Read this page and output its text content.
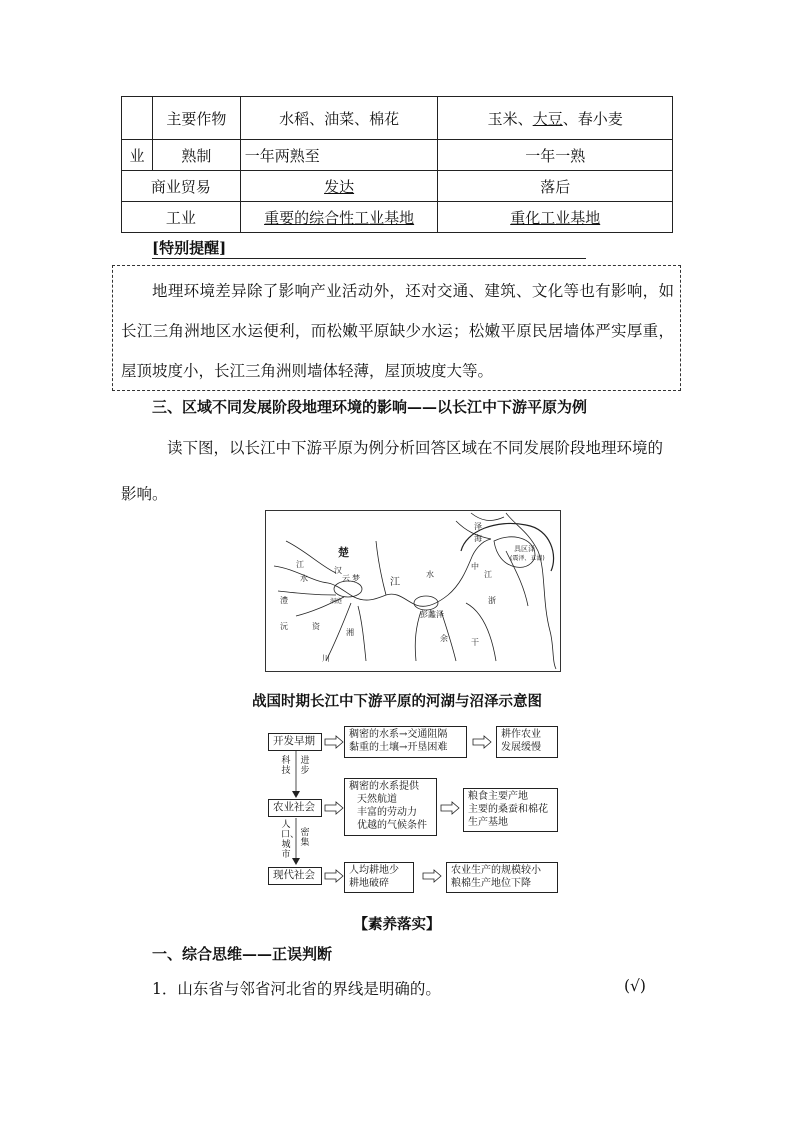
	主要作物	水稻、油菜、棉花	玉米、大豆、春小麦
业	熟制	一年两熟至	一年一熟
商业贸易		发达	落后
工业		重要的综合性工业基地	重化工业基地
[特别提醒]
地理环境差异除了影响产业活动外，还对交通、建筑、文化等也有影响，如长江三角洲地区水运便利，而松嫩平原缺少水运；松嫩平原民居墙体严实厚重，屋顶坡度小，长江三角洲则墙体轻薄，屋顶坡度大等。
三、区域不同发展阶段地理环境的影响——以长江中下游平原为例
读下图，以长江中下游平原为例分析回答区域在不同发展阶段地理环境的影响。
楚
江
水
汉
云 梦	江
水
彭蠡泽
余	干
具区泽
(震泽、五湖)
中
江
浙
泽
海
湘
资
沅
澧	洞庭
川
战国时期长江中下游平原的河湖与沼泽示意图
开发早期
稠密的水系→交通阻隔
黏重的土壤→开垦困难
耕作农业
发展缓慢
科技
进步
农业社会
稠密的水系提供
天然航道
丰富的劳动力
优越的气候条件
粮食主要产地
主要的桑蚕和棉花
生产基地
人口、城市
密集
现代社会	人均耕地少
耕地破碎
农业生产的规模较小
粮棉生产地位下降
【素养落实】
一、综合思维——正误判断
1．山东省与邻省河北省的界线是明确的。	(√)
